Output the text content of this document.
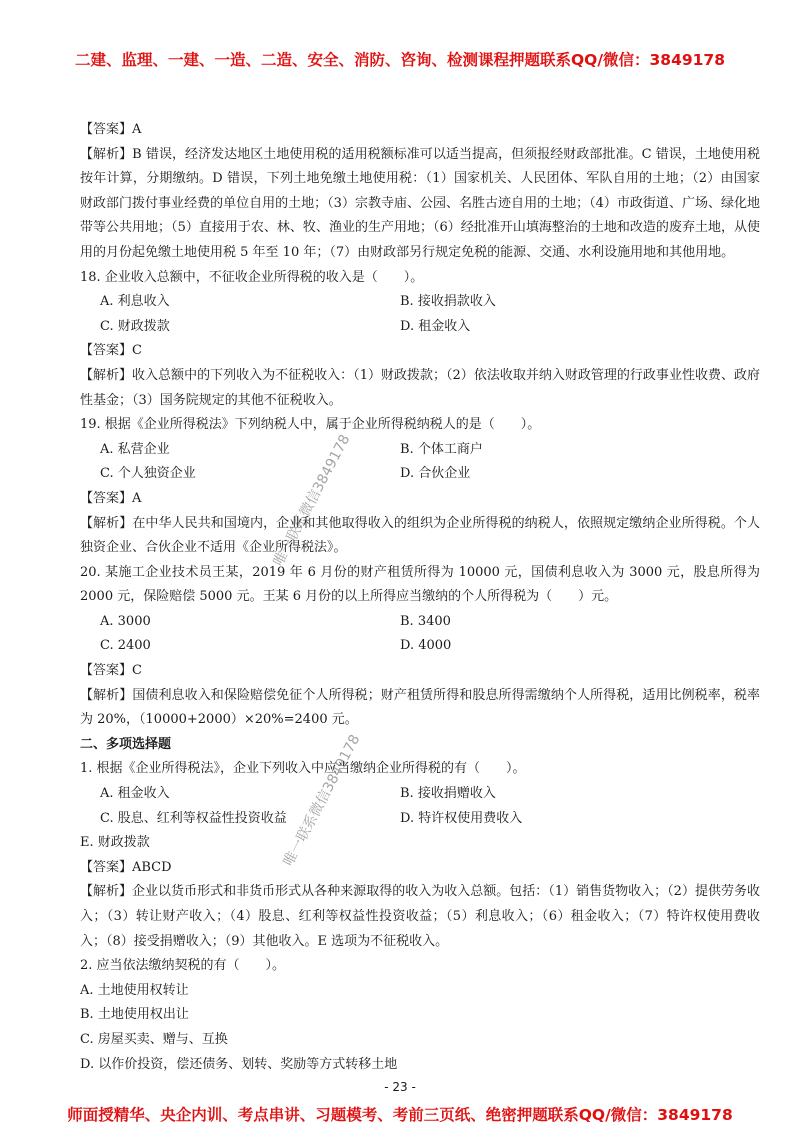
二建、监理、一建、一造、二造、安全、消防、咨询、检测课程押题联系QQ/微信：3849178

【答案】A

【解析】B 错误，经济发达地区土地使用税的适用税额标准可以适当提高，但须报经财政部批准。C 错误，土地使用税按年计算，分期缴纳。D 错误，下列土地免缴土地使用税：（1）国家机关、人民团体、军队自用的土地；（2）由国家财政部门拨付事业经费的单位自用的土地；（3）宗教寺庙、公园、名胜古迹自用的土地；（4）市政街道、广场、绿化地带等公共用地；（5）直接用于农、林、牧、渔业的生产用地；（6）经批准开山填海整治的土地和改造的废弃土地，从使用的月份起免缴土地使用税 5 年至 10 年；（7）由财政部另行规定免税的能源、交通、水利设施用地和其他用地。

18. 企业收入总额中，不征收企业所得税的收入是（　　）。

A. 利息收入	B. 接收捐款收入
C. 财政拨款	D. 租金收入

【答案】C

【解析】收入总额中的下列收入为不征税收入：（1）财政拨款；（2）依法收取并纳入财政管理的行政事业性收费、政府性基金；（3）国务院规定的其他不征税收入。

19. 根据《企业所得税法》下列纳税人中，属于企业所得税纳税人的是（　　）。

A. 私营企业	B. 个体工商户
C. 个人独资企业	D. 合伙企业

【答案】A

【解析】在中华人民共和国境内，企业和其他取得收入的组织为企业所得税的纳税人，依照规定缴纳企业所得税。个人独资企业、合伙企业不适用《企业所得税法》。

20. 某施工企业技术员王某，2019 年 6 月份的财产租赁所得为 10000 元，国债利息收入为 3000 元，股息所得为 2000 元，保险赔偿 5000 元。王某 6 月份的以上所得应当缴纳的个人所得税为（　　）元。

A. 3000	B. 3400
C. 2400	D. 4000

【答案】C

【解析】国债利息收入和保险赔偿免征个人所得税；财产租赁所得和股息所得需缴纳个人所得税，适用比例税率，税率为 20%，（10000+2000）×20%=2400 元。

二、多项选择题

1. 根据《企业所得税法》，企业下列收入中应当缴纳企业所得税的有（　　）。

A. 租金收入	B. 接收捐赠收入
C. 股息、红利等权益性投资收益	D. 特许权使用费收入

E. 财政拨款

【答案】ABCD

【解析】企业以货币形式和非货币形式从各种来源取得的收入为收入总额。包括：（1）销售货物收入；（2）提供劳务收入；（3）转让财产收入；（4）股息、红利等权益性投资收益；（5）利息收入；（6）租金收入；（7）特许权使用费收入；（8）接受捐赠收入；（9）其他收入。E 选项为不征税收入。

2. 应当依法缴纳契税的有（　　）。

A. 土地使用权转让

B. 土地使用权出让

C. 房屋买卖、赠与、互换

D. 以作价投资，偿还债务、划转、奖励等方式转移土地

唯一联系微信3849178
唯一联系微信3849178
- 23 -
师面授精华、央企内训、考点串讲、习题模考、考前三页纸、绝密押题联系QQ/微信：3849178
